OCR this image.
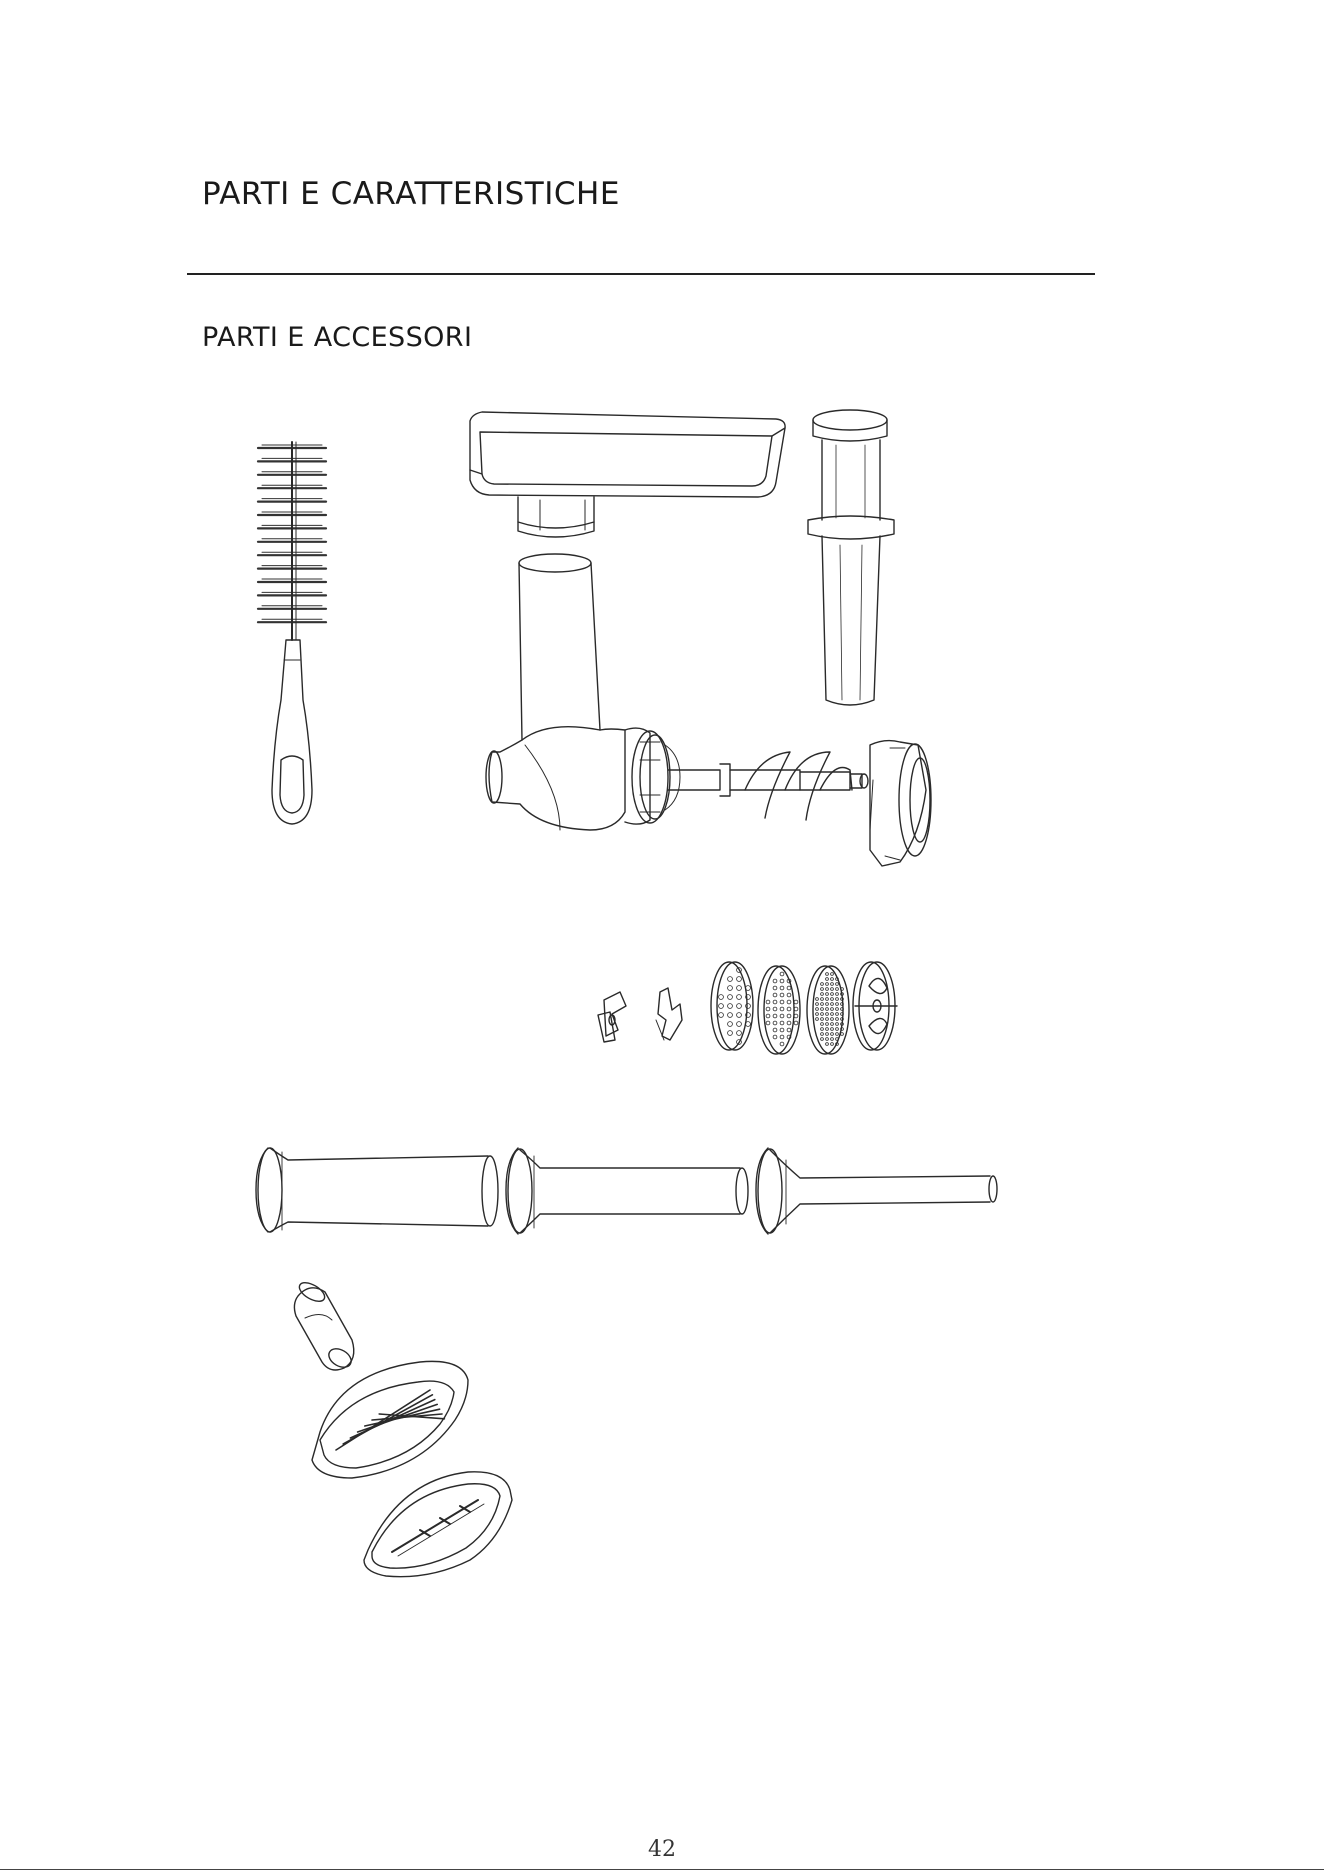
PARTI E CARATTERISTICHE
PARTI E ACCESSORI
42
